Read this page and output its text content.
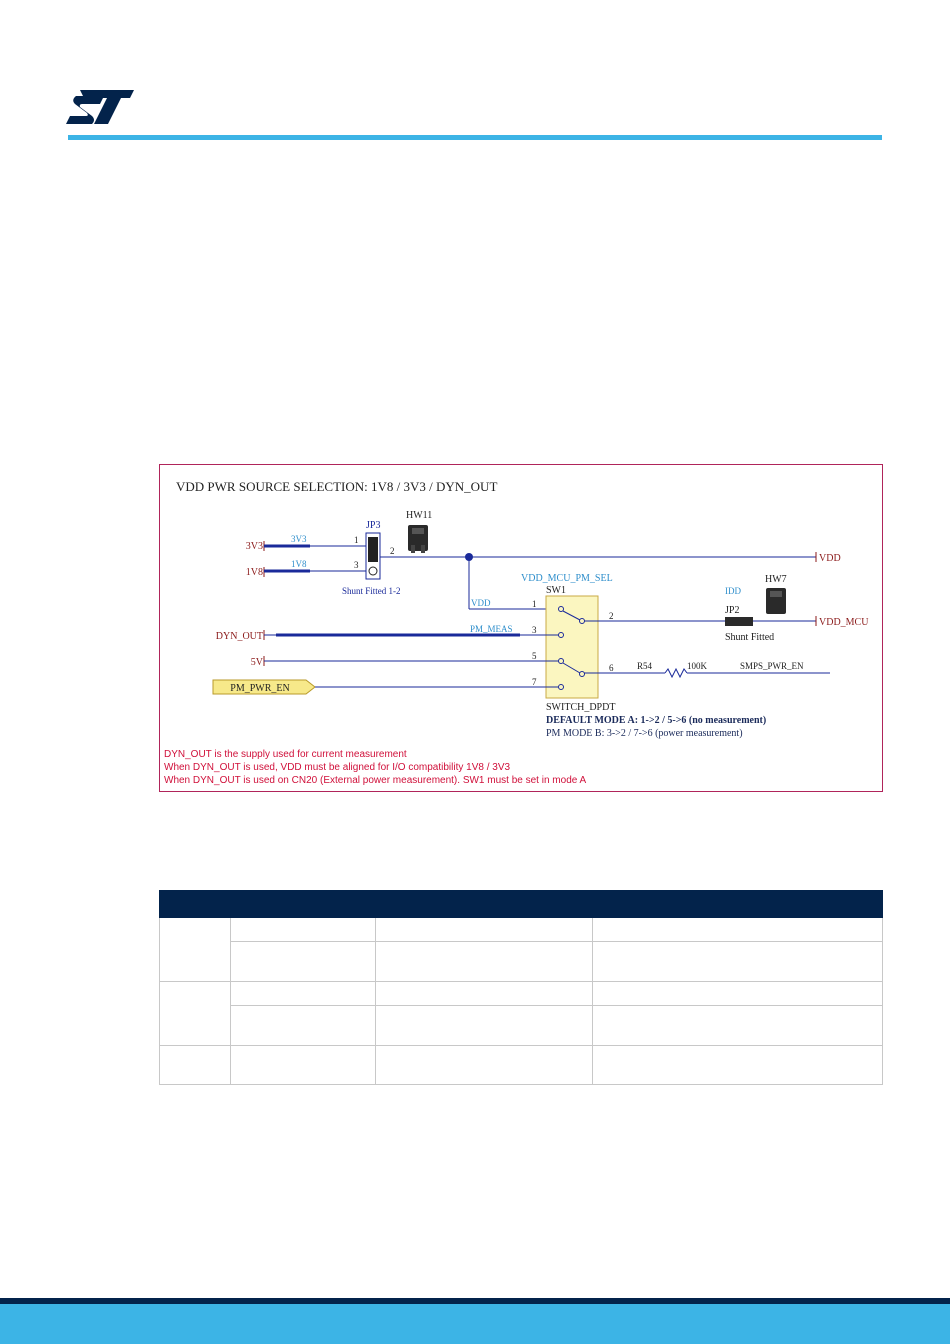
VDD PWR SOURCE SELECTION: 1V8 / 3V3 / DYN_OUT
3V3
3V3
1V8
1V8
JP3
1
3
2
Shunt Fitted 1-2
HW11
VDD
VDD
VDD_MCU_PM_SEL
SW1
1
3
5
7
2
6
SWITCH_DPDT
DEFAULT MODE A: 1->2 / 5->6 (no measurement)
PM MODE B: 3->2 / 7->6 (power measurement)
DYN_OUT
PM_MEAS
5V
PM_PWR_EN
IDD
JP2
Shunt Fitted
HW7
VDD_MCU
R54	100K	SMPS_PWR_EN
DYN_OUT is the supply used for current measurement
When DYN_OUT is used, VDD must be aligned for I/O compatibility 1V8 / 3V3
When DYN_OUT is used on CN20 (External power measurement). SW1 must be set in mode A
